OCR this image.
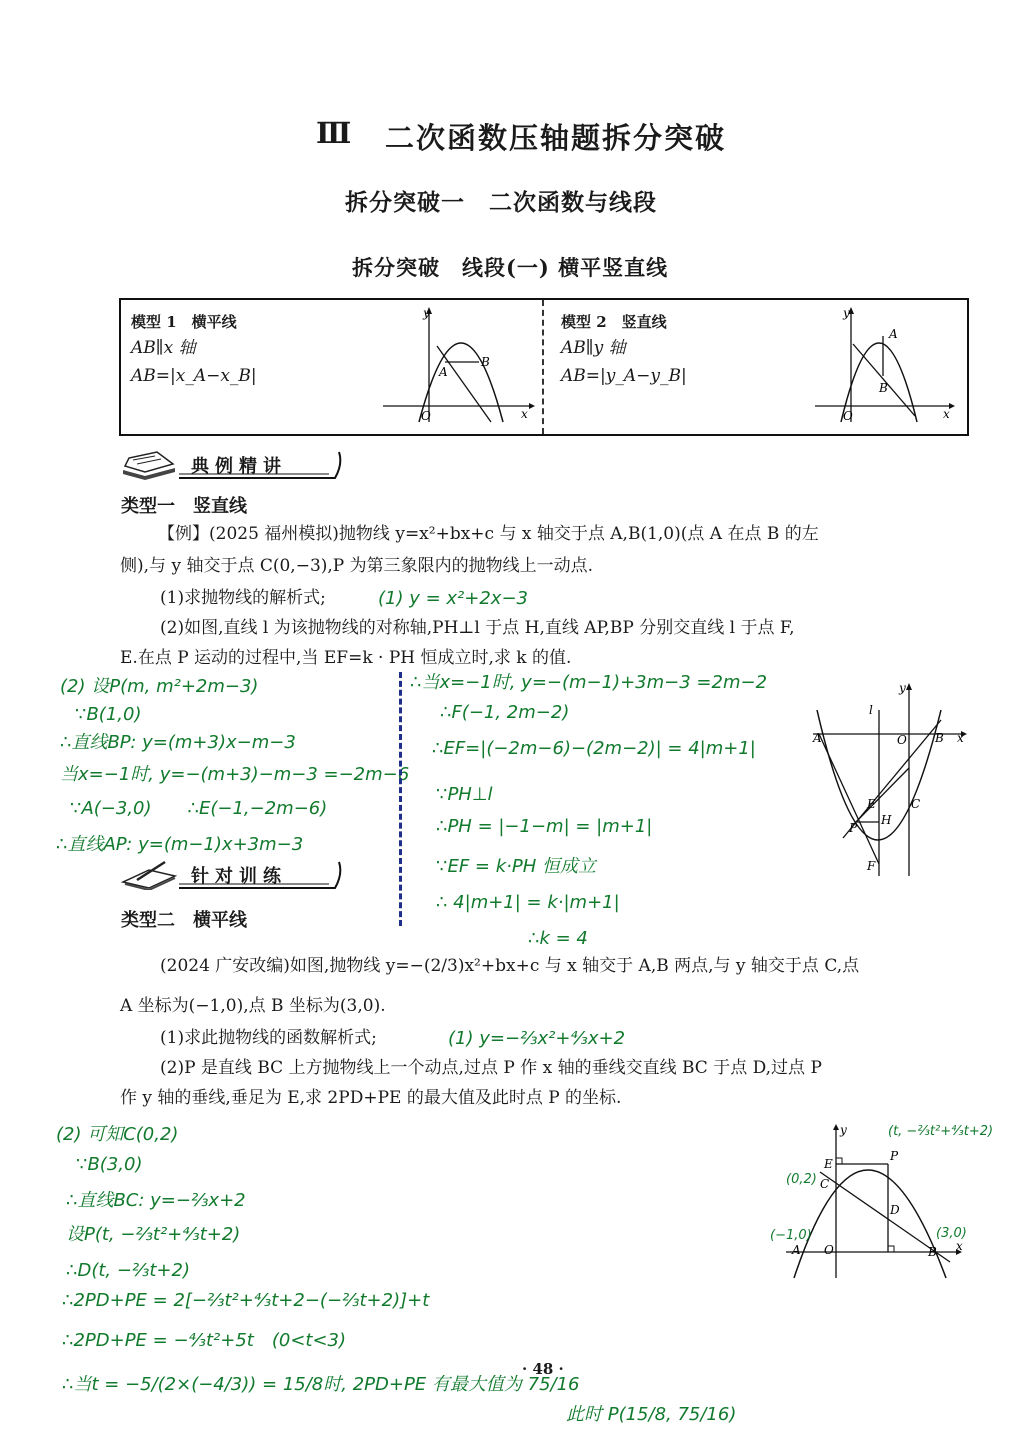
Ⅲ 二次函数压轴题拆分突破
拆分突破一　二次函数与线段
拆分突破　线段(一) 横平竖直线
模型 1　横平线
AB∥x 轴
AB=|x_A−x_B|
y
A
B
O	x
模型 2　竖直线
AB∥y 轴
AB=|y_A−y_B|
y
A
B
O	x
典例精讲
类型一　竖直线
【例】(2025 福州模拟)抛物线 y=x²+bx+c 与 x 轴交于点 A,B(1,0)(点 A 在点 B 的左
侧),与 y 轴交于点 C(0,−3),P 为第三象限内的抛物线上一动点.
(1)求抛物线的解析式;	(1) y = x²+2x−3
(2)如图,直线 l 为该抛物线的对称轴,PH⊥l 于点 H,直线 AP,BP 分别交直线 l 于点 F,
E.在点 P 运动的过程中,当 EF=k · PH 恒成立时,求 k 的值.
(2) 设P(m, m²+2m−3)
∵B(1,0)
∴直线BP: y=(m+3)x−m−3
当x=−1时, y=−(m+3)−m−3 =−2m−6
∵A(−3,0)　　∴E(−1,−2m−6)
∴直线AP: y=(m−1)x+3m−3
∴当x=−1时, y=−(m−1)+3m−3 =2m−2
∴F(−1, 2m−2)
∴EF=|(−2m−6)−(2m−2)| = 4|m+1|
∵PH⊥l
∴PH = |−1−m| = |m+1|
∵EF = k·PH 恒成立
∴ 4|m+1| = k·|m+1|
∴k = 4
y
l
A	O B x
E
P
H
C
F
针对训练
类型二　横平线
(2024 广安改编)如图,抛物线 y=−(2/3)x²+bx+c 与 x 轴交于 A,B 两点,与 y 轴交于点 C,点
A 坐标为(−1,0),点 B 坐标为(3,0).
(1)求此抛物线的函数解析式;	(1) y=−⅔x²+⁴⁄₃x+2
(2)P 是直线 BC 上方抛物线上一个动点,过点 P 作 x 轴的垂线交直线 BC 于点 D,过点 P
作 y 轴的垂线,垂足为 E,求 2PD+PE 的最大值及此时点 P 的坐标.
(2) 可知C(0,2)
∵B(3,0)
∴直线BC: y=−⅔x+2
设P(t, −⅔t²+⁴⁄₃t+2)
∴D(t, −⅔t+2)
∴2PD+PE = 2[−⅔t²+⁴⁄₃t+2−(−⅔t+2)]+t
∴2PD+PE = −⁴⁄₃t²+5t　(0<t<3)
∴当t = −5/(2×(−4/3)) = 15/8时, 2PD+PE 有最大值为 75/16
此时 P(15/8, 75/16)
y
E
C
P
D
A O	B x
(t, −⅔t²+⁴⁄₃t+2)
(0,2)
(−1,0)	(3,0)
· 48 ·
